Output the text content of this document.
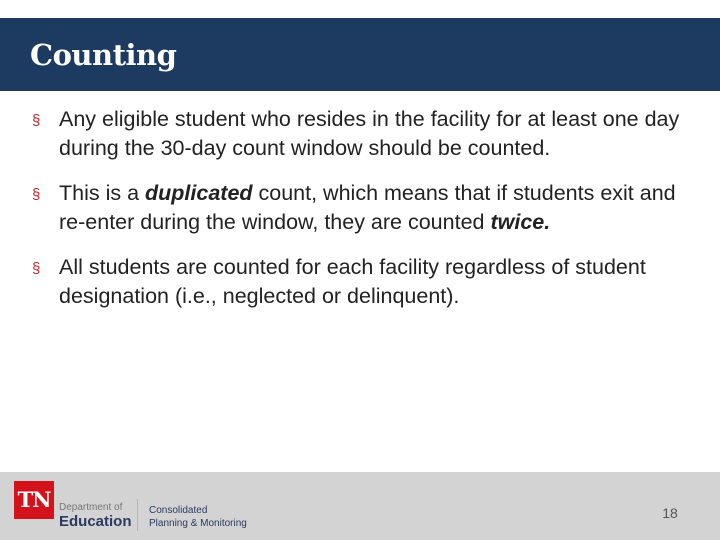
Counting
§ Any eligible student who resides in the facility for at least one day during the 30-day count window should be counted.
§ This is a duplicated count, which means that if students exit and re-enter during the window, they are counted twice.
§ All students are counted for each facility regardless of student designation (i.e., neglected or delinquent).
TN Department of
Education
Consolidated
Planning & Monitoring
18
